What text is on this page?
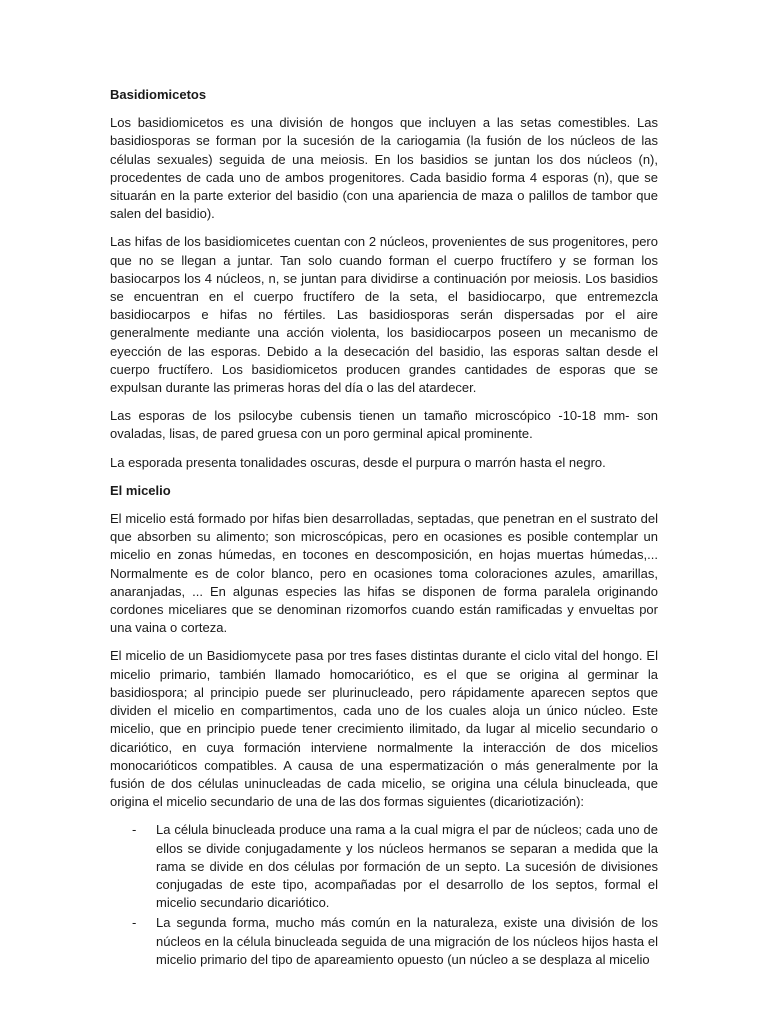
Basidiomicetos

Los basidiomicetos es una división de hongos que incluyen a las setas comestibles. Las basidiosporas se forman por la sucesión de la cariogamia (la fusión de los núcleos de las células sexuales) seguida de una meiosis. En los basidios se juntan los dos núcleos (n), procedentes de cada uno de ambos progenitores. Cada basidio forma 4 esporas (n), que se situarán en la parte exterior del basidio (con una apariencia de maza o palillos de tambor que salen del basidio).

Las hifas de los basidiomicetes cuentan con 2 núcleos, provenientes de sus progenitores, pero que no se llegan a juntar. Tan solo cuando forman el cuerpo fructífero y se forman los basiocarpos los 4 núcleos, n, se juntan para dividirse a continuación por meiosis. Los basidios se encuentran en el cuerpo fructífero de la seta, el basidiocarpo, que entremezcla basidiocarpos e hifas no fértiles. Las basidiosporas serán dispersadas por el aire generalmente mediante una acción violenta, los basidiocarpos poseen un mecanismo de eyección de las esporas. Debido a la desecación del basidio, las esporas saltan desde el cuerpo fructífero. Los basidiomicetos producen grandes cantidades de esporas que se expulsan durante las primeras horas del día o las del atardecer.

Las esporas de los psilocybe cubensis tienen un tamaño microscópico -10-18 mm- son ovaladas, lisas, de pared gruesa con un poro germinal apical prominente.

La esporada presenta tonalidades oscuras, desde el purpura o marrón hasta el negro.

El micelio

El micelio está formado por hifas bien desarrolladas, septadas, que penetran en el sustrato del que absorben su alimento; son microscópicas, pero en ocasiones es posible contemplar un micelio en zonas húmedas, en tocones en descomposición, en hojas muertas húmedas,... Normalmente es de color blanco, pero en ocasiones toma coloraciones azules, amarillas, anaranjadas, ... En algunas especies las hifas se disponen de forma paralela originando cordones miceliares que se denominan rizomorfos cuando están ramificadas y envueltas por una vaina o corteza.

El micelio de un Basidiomycete pasa por tres fases distintas durante el ciclo vital del hongo. El micelio primario, también llamado homocariótico, es el que se origina al germinar la basidiospora; al principio puede ser plurinucleado, pero rápidamente aparecen septos que dividen el micelio en compartimentos, cada uno de los cuales aloja un único núcleo. Este micelio, que en principio puede tener crecimiento ilimitado, da lugar al micelio secundario o dicariótico, en cuya formación interviene normalmente la interacción de dos micelios monocarióticos compatibles. A causa de una espermatización o más generalmente por la fusión de dos células uninucleadas de cada micelio, se origina una célula binucleada, que origina el micelio secundario de una de las dos formas siguientes (dicariotización):

- La célula binucleada produce una rama a la cual migra el par de núcleos; cada uno de ellos se divide conjugadamente y los núcleos hermanos se separan a medida que la rama se divide en dos células por formación de un septo. La sucesión de divisiones conjugadas de este tipo, acompañadas por el desarrollo de los septos, formal el micelio secundario dicariótico.
- La segunda forma, mucho más común en la naturaleza, existe una división de los núcleos en la célula binucleada seguida de una migración de los núcleos hijos hasta el micelio primario del tipo de apareamiento opuesto (un núcleo a se desplaza al micelio
